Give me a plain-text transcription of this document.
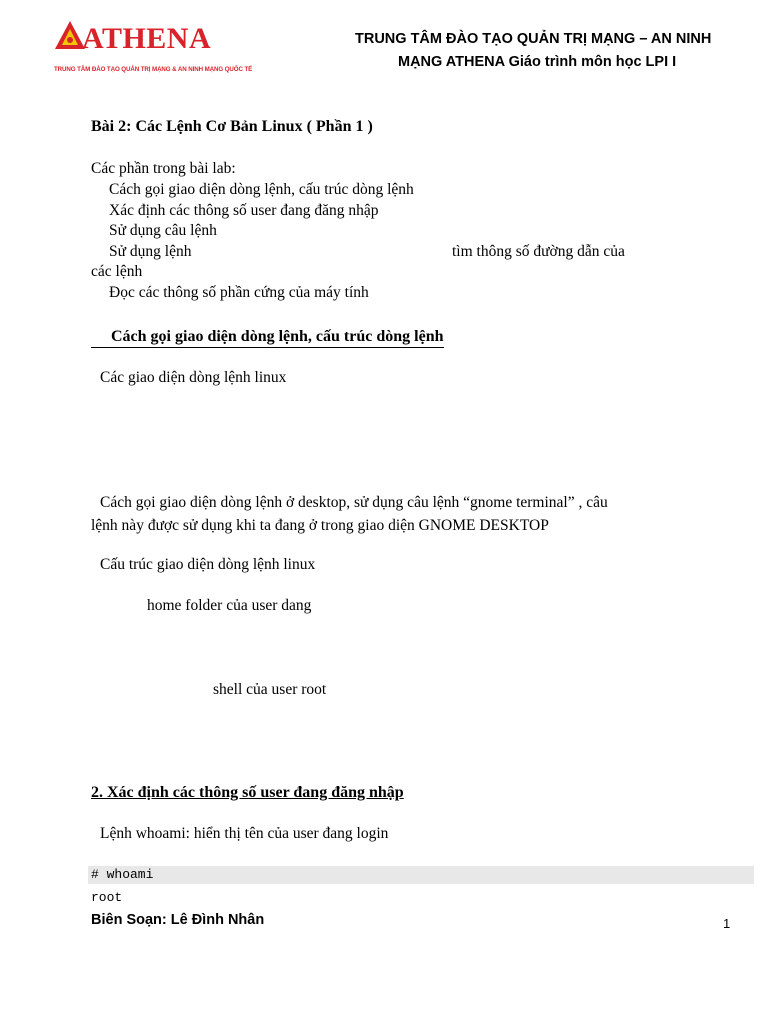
ATHENA
TRUNG TÂM ĐÀO TẠO QUẢN TRỊ MẠNG & AN NINH MẠNG QUỐC TẾ
TRUNG TÂM ĐÀO TẠO QUẢN TRỊ MẠNG – AN NINH
MẠNG ATHENA Giáo trình môn học LPI I
Bài 2: Các Lệnh Cơ Bản Linux ( Phần 1 )
Các phần trong bài lab:
Cách gọi giao diện dòng lệnh, cấu trúc dòng lệnh
Xác định các thông số user đang đăng nhập
Sử dụng câu lệnh
Sử dụng lệnh	tìm thông số đường dẫn của
các lệnh
Đọc các thông số phần cứng của máy tính
Cách gọi giao diện dòng lệnh, cấu trúc dòng lệnh
Các giao diện dòng lệnh linux
Cách gọi giao diện dòng lệnh ở desktop, sử dụng câu lệnh “gnome terminal” , câu
lệnh này được sử dụng khi ta đang ở trong giao diện GNOME DESKTOP
Cấu trúc giao diện dòng lệnh linux
home folder của user dang
shell của user root
2. Xác định các thông số user đang đăng nhập
Lệnh whoami: hiển thị tên của user đang login
# whoami
root
Biên Soạn: Lê Đình Nhân	1
